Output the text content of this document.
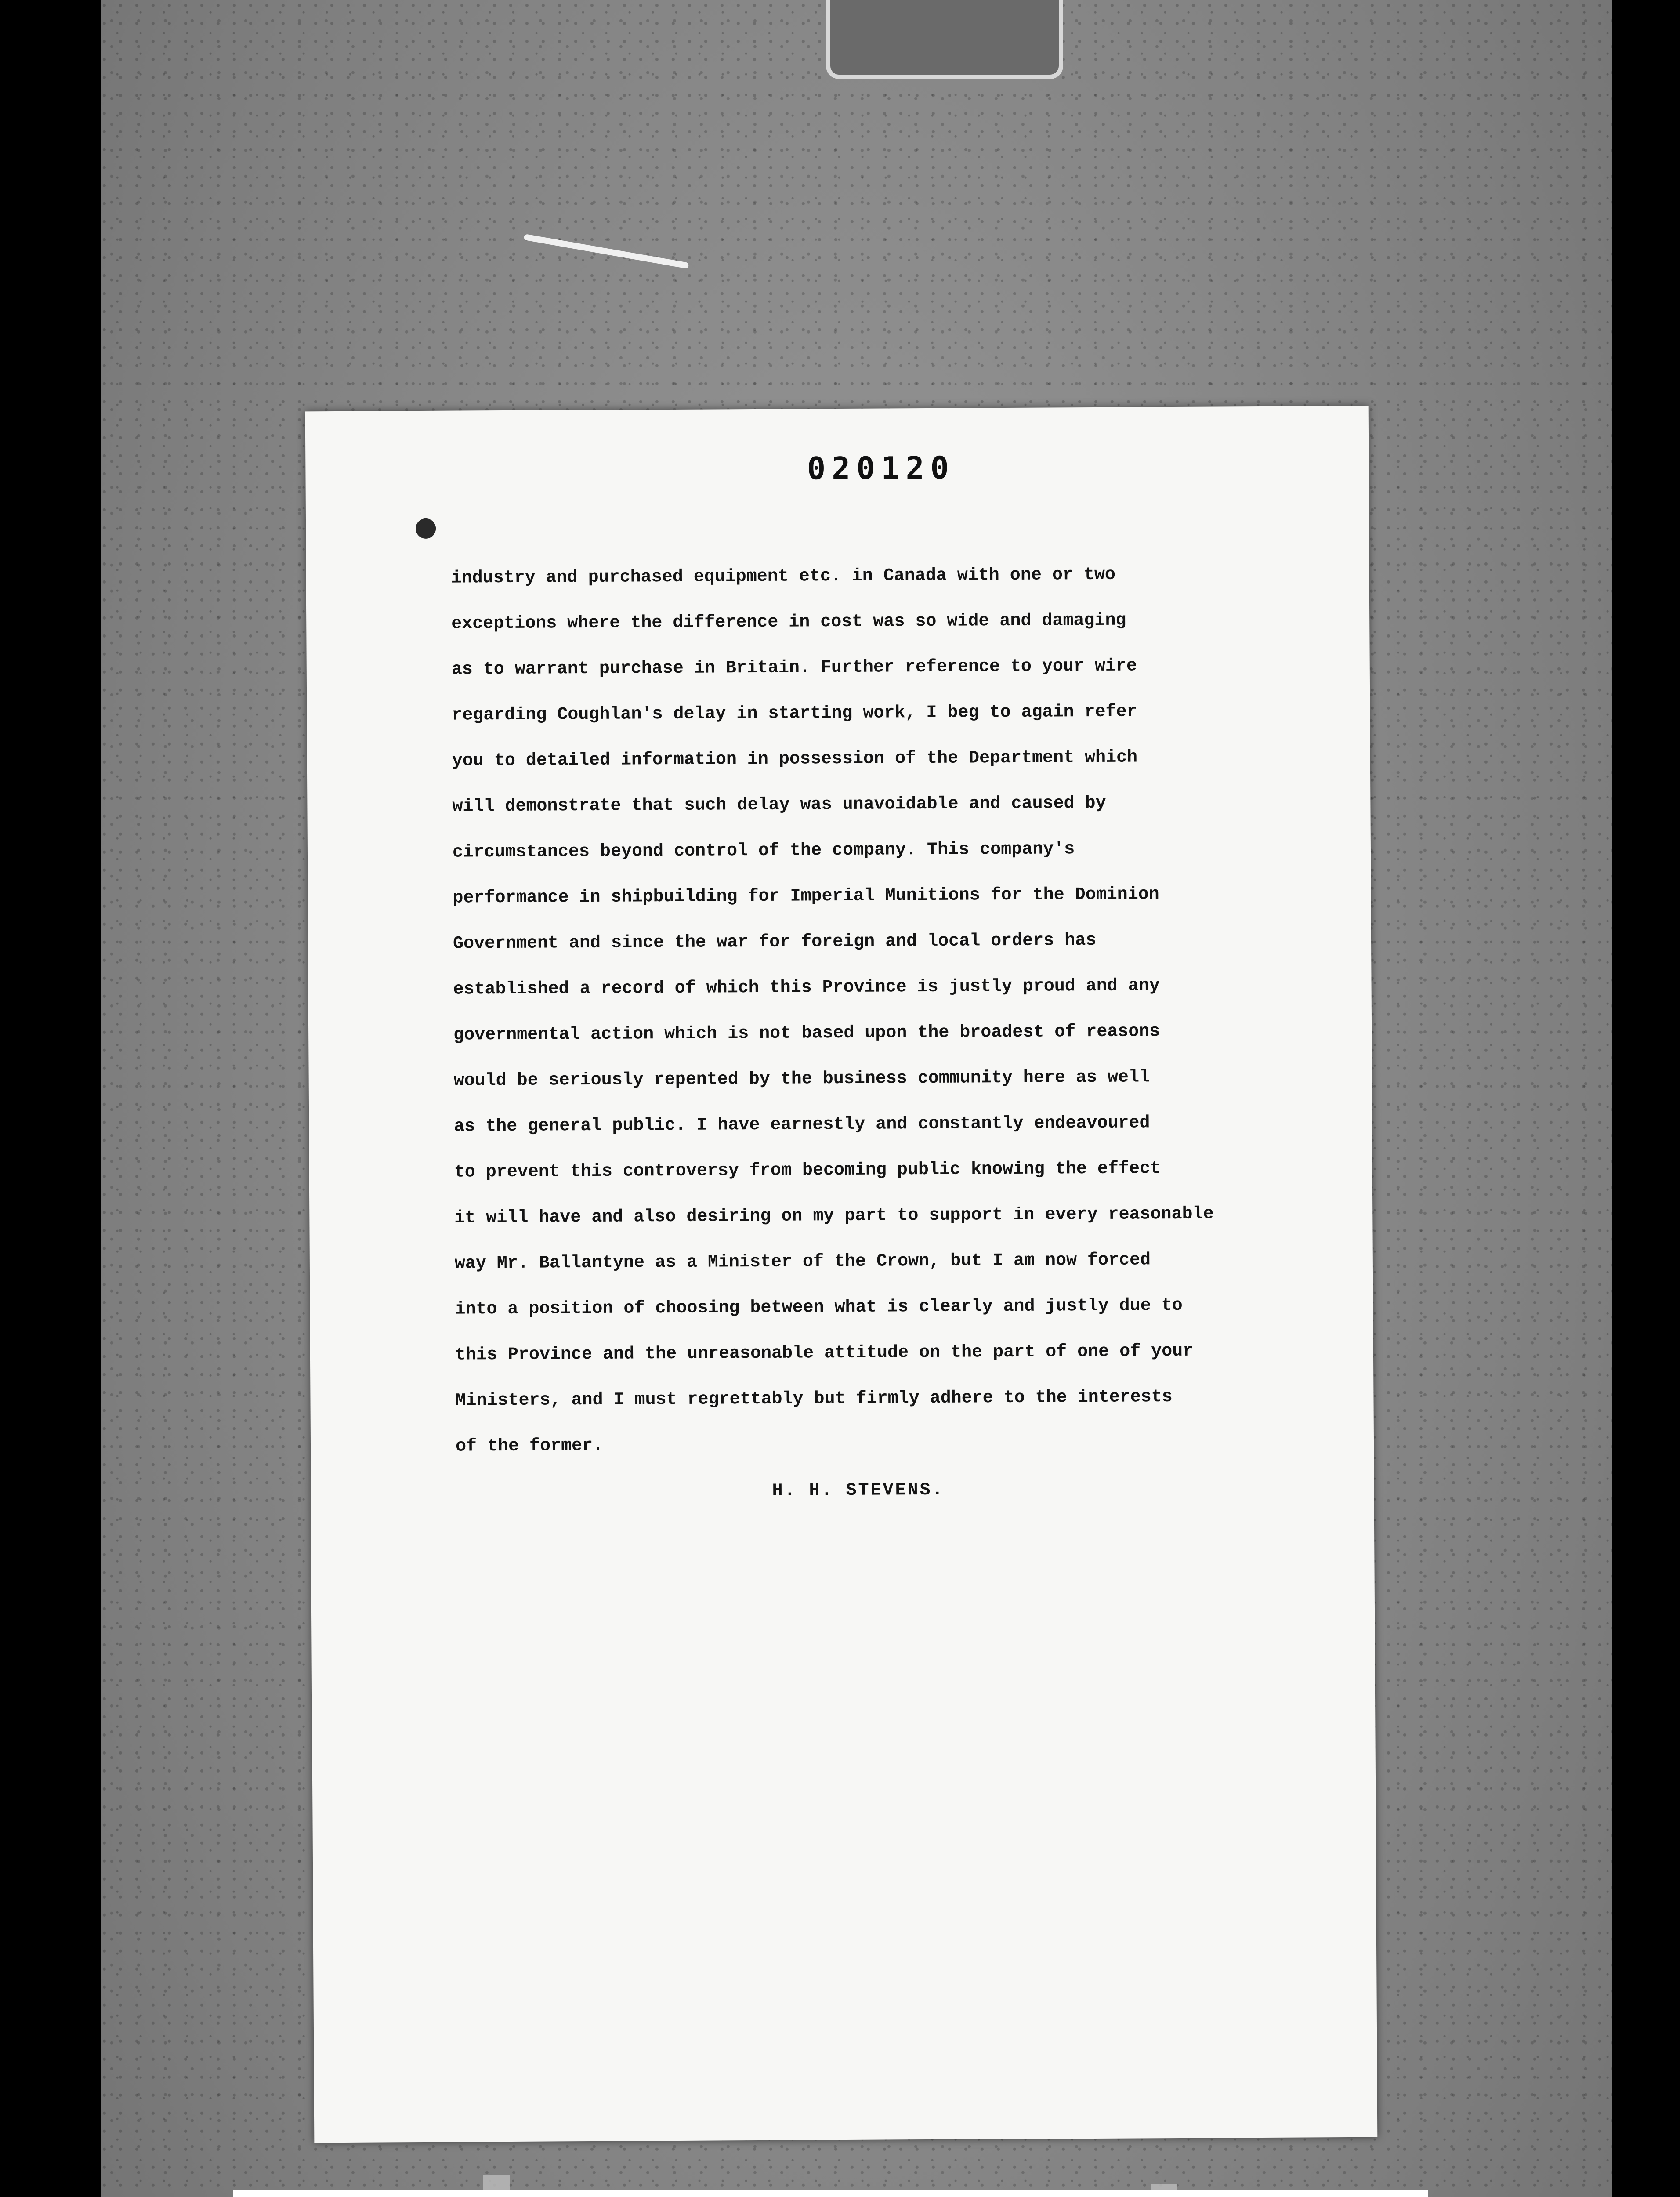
020120
industry and purchased equipment etc. in Canada with one or two
exceptions where the difference in cost was so wide and damaging
as to warrant purchase in Britain. Further reference to your wire
regarding Coughlan's delay in starting work, I beg to again refer
you to detailed information in possession of the Department which
will demonstrate that such delay was unavoidable and caused by
circumstances beyond control of the company. This company's
performance in shipbuilding for Imperial Munitions for the Dominion
Government and since the war for foreign and local orders has
established a record of which this Province is justly proud and any
governmental action which is not based upon the broadest of reasons
would be seriously repented by the business community here as well
as the general public. I have earnestly and constantly endeavoured
to prevent this controversy from becoming public knowing the effect
it will have and also desiring on my part to support in every reasonable
way Mr. Ballantyne as a Minister of the Crown, but I am now forced
into a position of choosing between what is clearly and justly due to
this Province and the unreasonable attitude on the part of one of your
Ministers, and I must regrettably but firmly adhere to the interests
of the former.
H. H. STEVENS.
